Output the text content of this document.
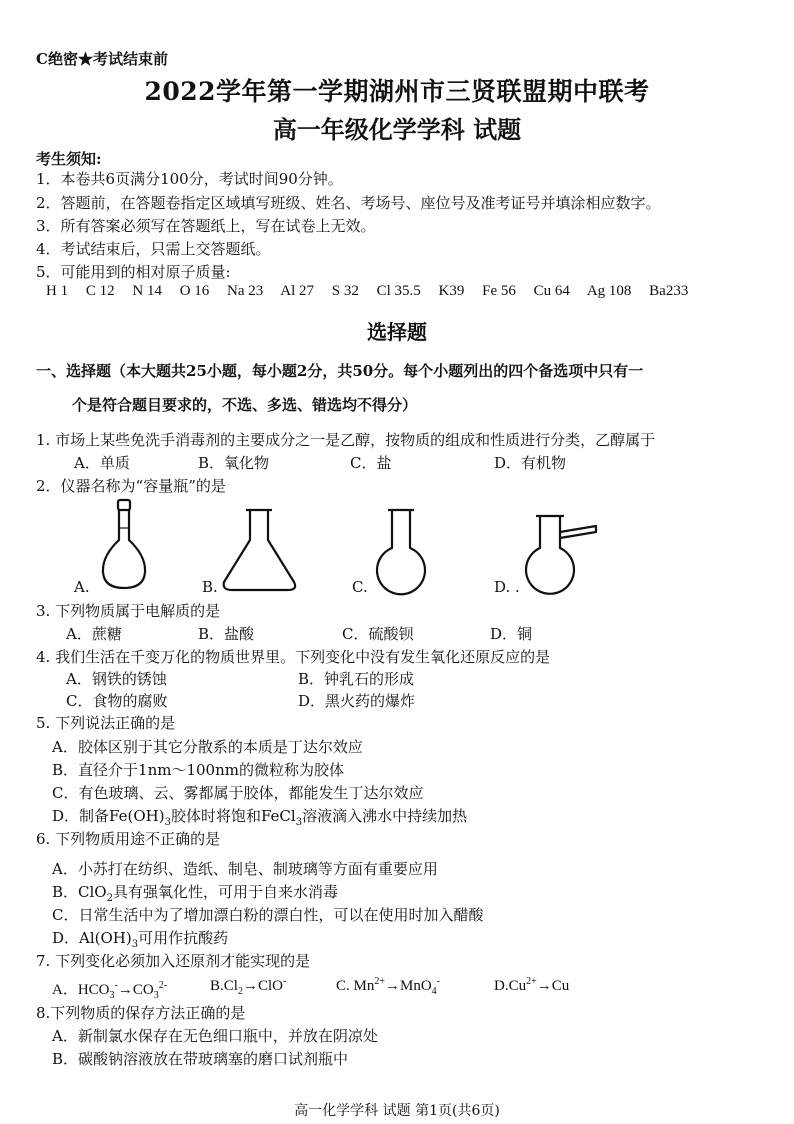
C绝密★考试结束前
2022学年第一学期湖州市三贤联盟期中联考
高一年级化学学科 试题
考生须知:
1．本卷共6页满分100分，考试时间90分钟。
2．答题前，在答题卷指定区域填写班级、姓名、考场号、座位号及准考证号并填涂相应数字。
3．所有答案必须写在答题纸上，写在试卷上无效。
4．考试结束后，只需上交答题纸。
5．可能用到的相对原子质量:
H 1 C 12 N 14 O 16 Na 23 Al 27 S 32 Cl 35.5 K39 Fe 56 Cu 64 Ag 108 Ba233
选择题
一、选择题（本大题共25小题，每小题2分，共50分。每个小题列出的四个备选项中只有一
个是符合题目要求的，不选、多选、错选均不得分）
1. 市场上某些免洗手消毒剂的主要成分之一是乙醇，按物质的组成和性质进行分类，乙醇属于
A．单质	B．氧化物	C．盐	D．有机物
2．仪器名称为“容量瓶”的是
A.	B.	C.	D. .
3. 下列物质属于电解质的是
A．蔗糖	B．盐酸	C．硫酸钡	D．铜
4. 我们生活在千变万化的物质世界里。下列变化中没有发生氧化还原反应的是
A．钢铁的锈蚀	B．钟乳石的形成
C．食物的腐败	D．黑火药的爆炸
5. 下列说法正确的是
A．胶体区别于其它分散系的本质是丁达尔效应
B．直径介于1nm～100nm的微粒称为胶体
C．有色玻璃、云、雾都属于胶体，都能发生丁达尔效应
D．制备$Fe(OH)_3$胶体时将饱和FeCl$_3$溶液滴入沸水中持续加热
6. 下列物质用途不正确的是
A．小苏打在纺织、造纸、制皂、制玻璃等方面有重要应用
B．ClO$_2$具有强氧化性，可用于自来水消毒
C．日常生活中为了增加漂白粉的漂白性，可以在使用时加入醋酸
D．$Al(OH)_3$可用作抗酸药
7. 下列变化必须加入还原剂才能实现的是
A．$HCO_3^-\to CO_3^{2-}$	$B.Cl_2\to ClO^-$	C. $Mn^{2+}\to MnO_4^-$	$D.Cu^{2+}\to Cu$
8.下列物质的保存方法正确的是
A．新制氯水保存在无色细口瓶中，并放在阴凉处
B．碳酸钠溶液放在带玻璃塞的磨口试剂瓶中
高一化学学科 试题 第1页(共6页)
